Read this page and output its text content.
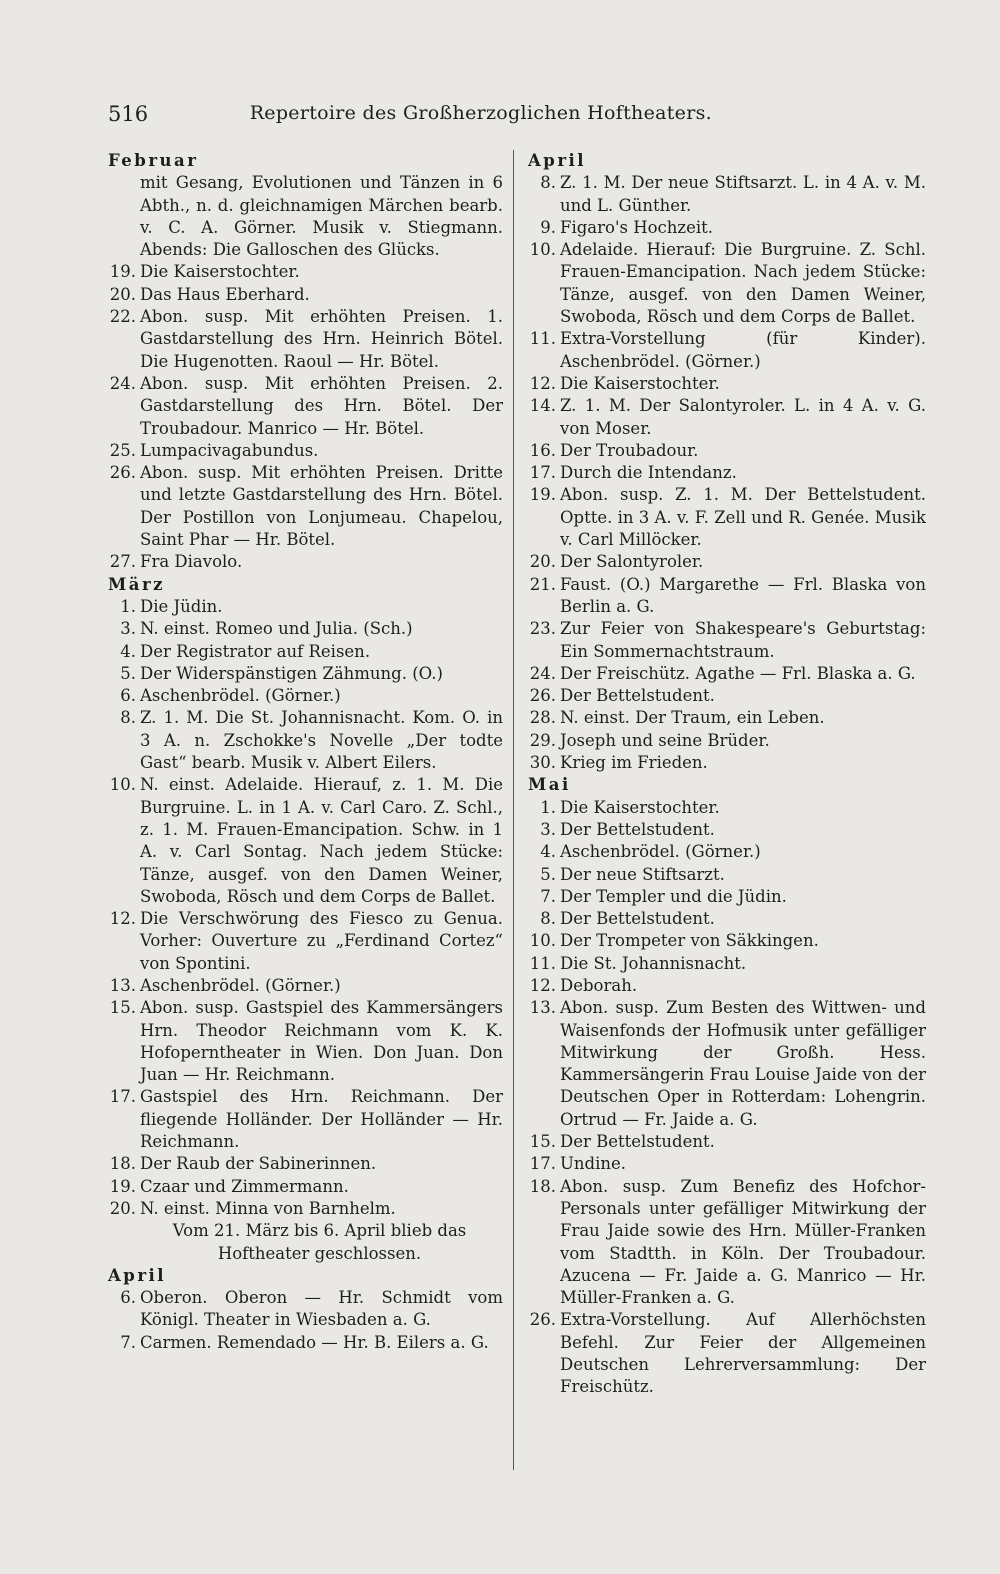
516	Repertoire des Großherzoglichen Hoftheaters.
Februar
mit Gesang, Evolutionen und Tänzen in 6 Abth., n. d. gleichnamigen Märchen bearb. v. C. A. Görner. Musik v. Stiegmann. Abends: Die Galloschen des Glücks.
19. Die Kaiserstochter.
20. Das Haus Eberhard.
22. Abon. susp. Mit erhöhten Preisen. 1. Gastdarstellung des Hrn. Heinrich Bötel. Die Hugenotten. Raoul — Hr. Bötel.
24. Abon. susp. Mit erhöhten Preisen. 2. Gastdarstellung des Hrn. Bötel. Der Troubadour. Manrico — Hr. Bötel.
25. Lumpacivagabundus.
26. Abon. susp. Mit erhöhten Preisen. Dritte und letzte Gastdarstellung des Hrn. Bötel. Der Postillon von Lonjumeau. Chapelou, Saint Phar — Hr. Bötel.
27. Fra Diavolo.
März
1. Die Jüdin.
3. N. einst. Romeo und Julia. (Sch.)
4. Der Registrator auf Reisen.
5. Der Widerspänstigen Zähmung. (O.)
6. Aschenbrödel. (Görner.)
8. Z. 1. M. Die St. Johannisnacht. Kom. O. in 3 A. n. Zschokke's Novelle „Der todte Gast“ bearb. Musik v. Albert Eilers.
10. N. einst. Adelaide. Hierauf, z. 1. M. Die Burgruine. L. in 1 A. v. Carl Caro. Z. Schl., z. 1. M. Frauen-Emancipation. Schw. in 1 A. v. Carl Sontag. Nach jedem Stücke: Tänze, ausgef. von den Damen Weiner, Swoboda, Rösch und dem Corps de Ballet.
12. Die Verschwörung des Fiesco zu Genua. Vorher: Ouverture zu „Ferdinand Cortez“ von Spontini.
13. Aschenbrödel. (Görner.)
15. Abon. susp. Gastspiel des Kammersängers Hrn. Theodor Reichmann vom K. K. Hofoperntheater in Wien. Don Juan. Don Juan — Hr. Reichmann.
17. Gastspiel des Hrn. Reichmann. Der fliegende Holländer. Der Holländer — Hr. Reichmann.
18. Der Raub der Sabinerinnen.
19. Czaar und Zimmermann.
20. N. einst. Minna von Barnhelm.
Vom 21. März bis 6. April blieb das Hoftheater geschlossen.
April
6. Oberon. Oberon — Hr. Schmidt vom Königl. Theater in Wiesbaden a. G.
7. Carmen. Remendado — Hr. B. Eilers a. G.
April
8. Z. 1. M. Der neue Stiftsarzt. L. in 4 A. v. M. und L. Günther.
9. Figaro's Hochzeit.
10. Adelaide. Hierauf: Die Burgruine. Z. Schl. Frauen-Emancipation. Nach jedem Stücke: Tänze, ausgef. von den Damen Weiner, Swoboda, Rösch und dem Corps de Ballet.
11. Extra-Vorstellung (für Kinder). Aschenbrödel. (Görner.)
12. Die Kaiserstochter.
14. Z. 1. M. Der Salontyroler. L. in 4 A. v. G. von Moser.
16. Der Troubadour.
17. Durch die Intendanz.
19. Abon. susp. Z. 1. M. Der Bettelstudent. Optte. in 3 A. v. F. Zell und R. Genée. Musik v. Carl Millöcker.
20. Der Salontyroler.
21. Faust. (O.) Margarethe — Frl. Blaska von Berlin a. G.
23. Zur Feier von Shakespeare's Geburtstag: Ein Sommernachtstraum.
24. Der Freischütz. Agathe — Frl. Blaska a. G.
26. Der Bettelstudent.
28. N. einst. Der Traum, ein Leben.
29. Joseph und seine Brüder.
30. Krieg im Frieden.
Mai
1. Die Kaiserstochter.
3. Der Bettelstudent.
4. Aschenbrödel. (Görner.)
5. Der neue Stiftsarzt.
7. Der Templer und die Jüdin.
8. Der Bettelstudent.
10. Der Trompeter von Säkkingen.
11. Die St. Johannisnacht.
12. Deborah.
13. Abon. susp. Zum Besten des Wittwen- und Waisenfonds der Hofmusik unter gefälliger Mitwirkung der Großh. Hess. Kammersängerin Frau Louise Jaide von der Deutschen Oper in Rotterdam: Lohengrin. Ortrud — Fr. Jaide a. G.
15. Der Bettelstudent.
17. Undine.
18. Abon. susp. Zum Benefiz des Hofchor-Personals unter gefälliger Mitwirkung der Frau Jaide sowie des Hrn. Müller-Franken vom Stadtth. in Köln. Der Troubadour. Azucena — Fr. Jaide a. G. Manrico — Hr. Müller-Franken a. G.
26. Extra-Vorstellung. Auf Allerhöchsten Befehl. Zur Feier der Allgemeinen Deutschen Lehrerversammlung: Der Freischütz.
